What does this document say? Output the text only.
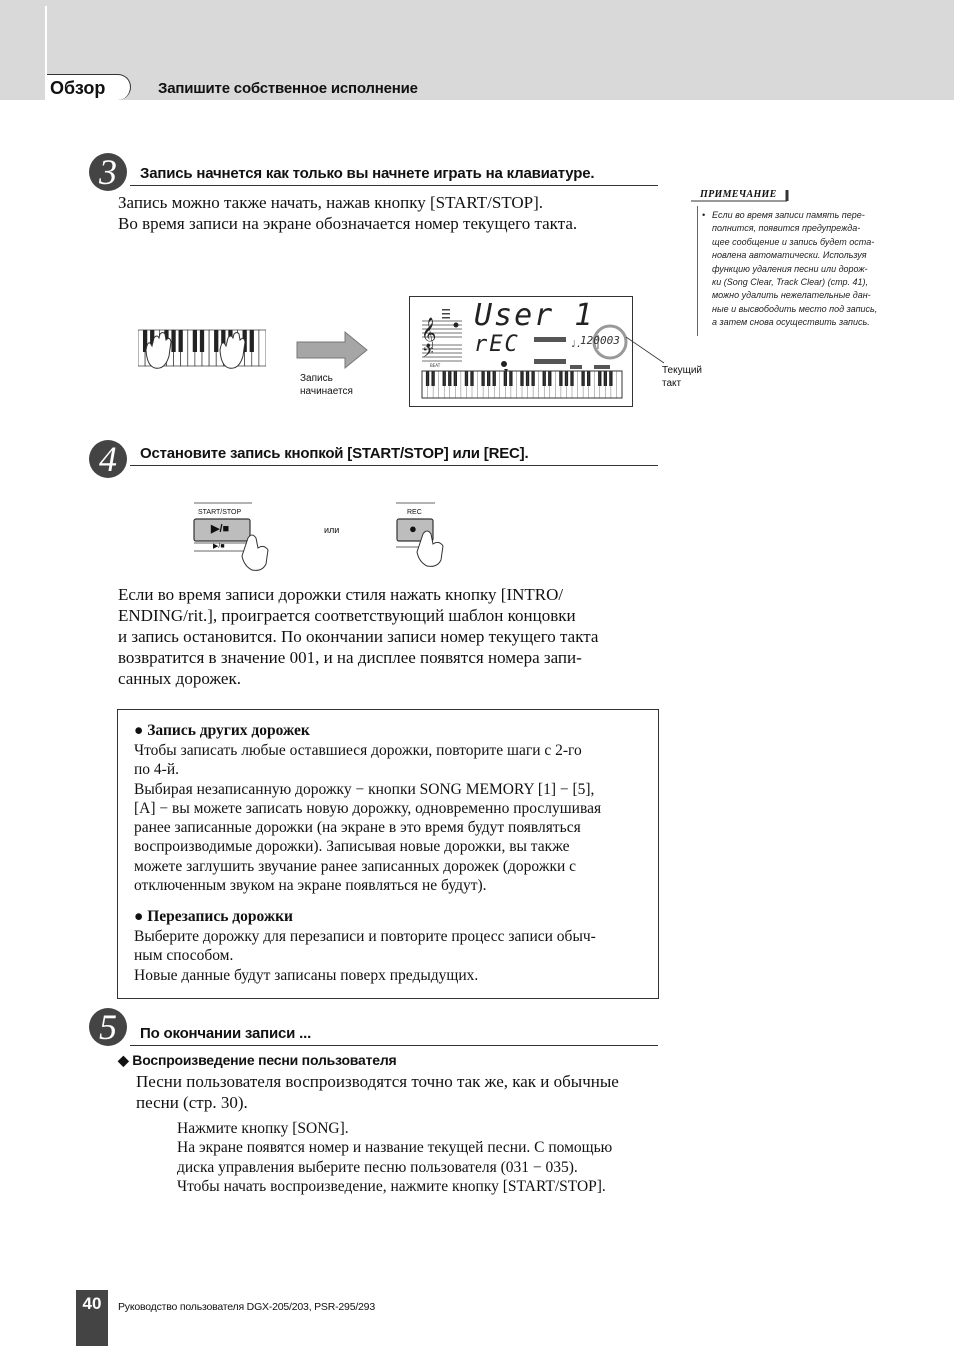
Обзор	Запишите собственное исполнение
3	Запись начнется как только вы начнете играть на клавиатуре.
Запись можно также начать, нажав кнопку [START/STOP].
Во время записи на экране обозначается номер текущего такта.
ПРИМЕЧАНИЕ
• Если во время записи память пере-
полнится, появится предупрежда-
щее сообщение и запись будет оста-
новлена автоматически. Используя
функцию удаления песни или дорож-
ки (Song Clear, Track Clear) (стр. 41),
можно удалить нежелательные дан-
ные и высвободить место под запись,
а затем снова осуществить запись.
Запись
начинается
𝄞
𝄢	♩.
BEAT
User 1
rEC	120 003
Текущий
такт
4	Остановите запись кнопкой [START/STOP] или [REC].
START/STOP
▶/■
▶/■
или
REC
●
Если во время записи дорожки стиля нажать кнопку [INTRO/
ENDING/rit.], проиграется соответствующий шаблон концовки
и запись остановится. По окончании записи номер текущего такта
возвратится в значение 001, и на дисплее появятся номера запи-
санных дорожек.
● Запись других дорожек
Чтобы записать любые оставшиеся дорожки, повторите шаги с 2-го
по 4-й.
Выбирая незаписанную дорожку − кнопки SONG MEMORY [1] − [5],
[A] − вы можете записать новую дорожку, одновременно прослушивая
ранее записанные дорожки (на экране в это время будут появляться
воспроизводимые дорожки). Записывая новые дорожки, вы также
можете заглушить звучание ранее записанных дорожек (дорожки с
отключенным звуком на экране появляться не будут).
● Перезапись дорожки
Выберите дорожку для перезаписи и повторите процесс записи обыч-
ным способом.
Новые данные будут записаны поверх предыдущих.
5	По окончании записи ...
◆ Воспроизведение песни пользователя
Песни пользователя воспроизводятся точно так же, как и обычные
песни (стр. 30).
Нажмите кнопку [SONG].
На экране появятся номер и название текущей песни. С помощью
диска управления выберите песню пользователя (031 − 035).
Чтобы начать воспроизведение, нажмите кнопку [START/STOP].
40	Руководство пользователя DGX-205/203, PSR-295/293
